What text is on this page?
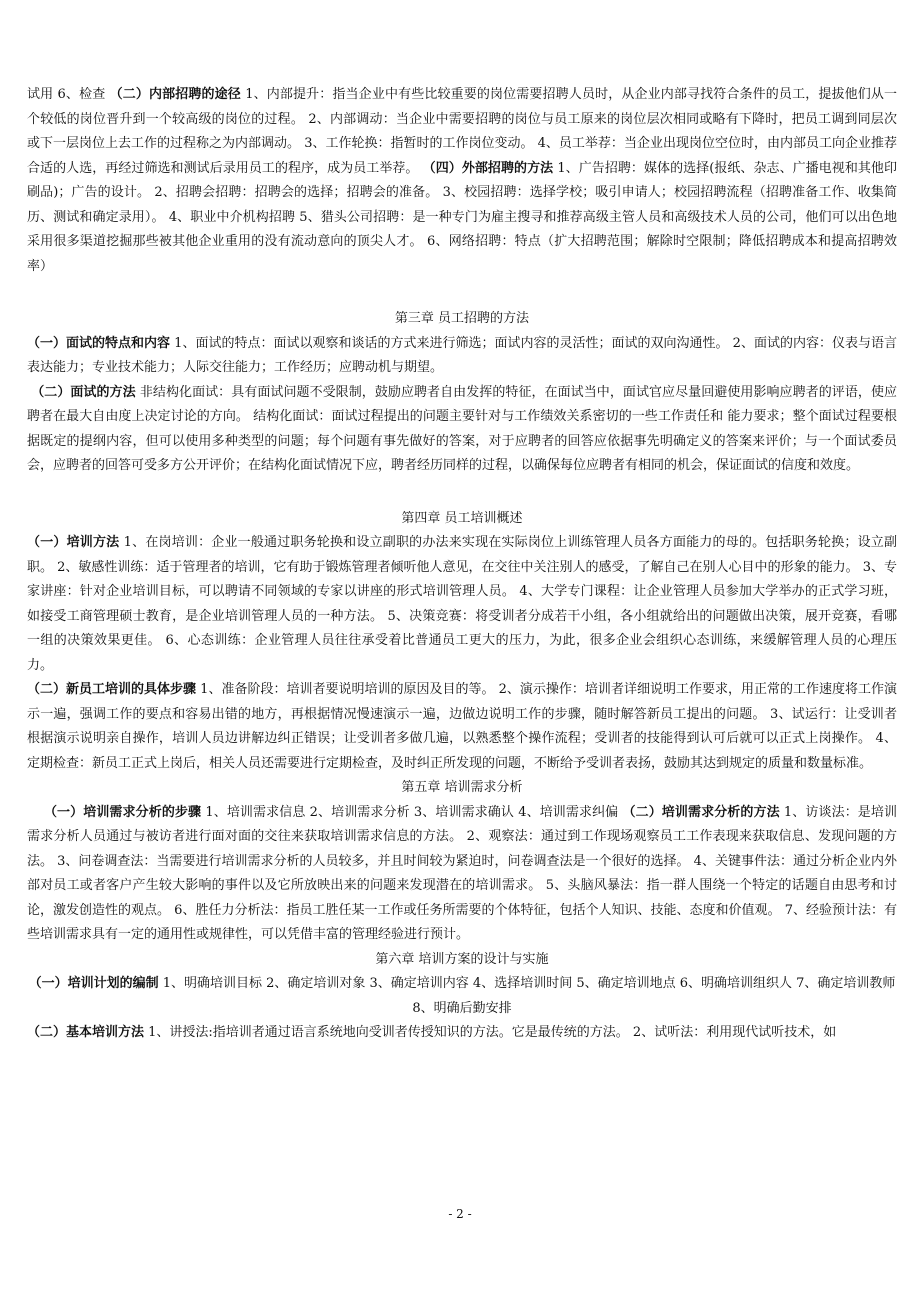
试用 6、检查 （二）内部招聘的途径 1、内部提升：指当企业中有些比较重要的岗位需要招聘人员时，从企业内部寻找符合条件的员工，提拔他们从一个较低的岗位晋升到一个较高级的岗位的过程。 2、内部调动：当企业中需要招聘的岗位与员工原来的岗位层次相同或略有下降时，把员工调到同层次或下一层岗位上去工作的过程称之为内部调动。 3、工作轮换：指暂时的工作岗位变动。 4、员工举荐：当企业出现岗位空位时，由内部员工向企业推荐合适的人选，再经过筛选和测试后录用员工的程序，成为员工举荐。 （四）外部招聘的方法 1、广告招聘：媒体的选择(报纸、杂志、广播电视和其他印刷品)；广告的设计。 2、招聘会招聘：招聘会的选择；招聘会的准备。 3、校园招聘：选择学校；吸引申请人；校园招聘流程（招聘准备工作、收集简历、测试和确定录用）。 4、职业中介机构招聘 5、猎头公司招聘：是一种专门为雇主搜寻和推荐高级主管人员和高级技术人员的公司，他们可以出色地采用很多渠道挖掘那些被其他企业重用的没有流动意向的顶尖人才。 6、网络招聘：特点（扩大招聘范围；解除时空限制；降低招聘成本和提高招聘效率）

第三章 员工招聘的方法

（一）面试的特点和内容 1、面试的特点：面试以观察和谈话的方式来进行筛选；面试内容的灵活性；面试的双向沟通性。 2、面试的内容：仪表与语言表达能力；专业技术能力；人际交往能力；工作经历；应聘动机与期望。

（二）面试的方法 非结构化面试：具有面试问题不受限制，鼓励应聘者自由发挥的特征，在面试当中，面试官应尽量回避使用影响应聘者的评语，使应聘者在最大自由度上决定讨论的方向。 结构化面试：面试过程提出的问题主要针对与工作绩效关系密切的一些工作责任和 能力要求；整个面试过程要根据既定的提纲内容，但可以使用多种类型的问题；每个问题有事先做好的答案，对于应聘者的回答应依据事先明确定义的答案来评价；与一个面试委员会，应聘者的回答可受多方公开评价；在结构化面试情况下应，聘者经历同样的过程，以确保每位应聘者有相同的机会，保证面试的信度和效度。

第四章 员工培训概述

（一）培训方法 1、在岗培训：企业一般通过职务轮换和设立副职的办法来实现在实际岗位上训练管理人员各方面能力的母的。包括职务轮换；设立副职。 2、敏感性训练：适于管理者的培训，它有助于锻炼管理者倾听他人意见，在交往中关注别人的感受，了解自己在别人心目中的形象的能力。 3、专家讲座：针对企业培训目标，可以聘请不同领域的专家以讲座的形式培训管理人员。 4、大学专门课程：让企业管理人员参加大学举办的正式学习班，如接受工商管理硕士教育，是企业培训管理人员的一种方法。 5、决策竞赛：将受训者分成若干小组，各小组就给出的问题做出决策，展开竞赛，看哪一组的决策效果更佳。 6、心态训练：企业管理人员往往承受着比普通员工更大的压力，为此，很多企业会组织心态训练，来缓解管理人员的心理压力。

（二）新员工培训的具体步骤 1、准备阶段：培训者要说明培训的原因及目的等。 2、演示操作：培训者详细说明工作要求，用正常的工作速度将工作演示一遍，强调工作的要点和容易出错的地方，再根据情况慢速演示一遍，边做边说明工作的步骤，随时解答新员工提出的问题。 3、试运行：让受训者根据演示说明亲自操作，培训人员边讲解边纠正错误；让受训者多做几遍，以熟悉整个操作流程；受训者的技能得到认可后就可以正式上岗操作。 4、定期检查：新员工正式上岗后，相关人员还需要进行定期检查，及时纠正所发现的问题，不断给予受训者表扬，鼓励其达到规定的质量和数量标准。

第五章 培训需求分析

（一）培训需求分析的步骤 1、培训需求信息 2、培训需求分析 3、培训需求确认 4、培训需求纠偏 （二）培训需求分析的方法 1、访谈法：是培训需求分析人员通过与被访者进行面对面的交往来获取培训需求信息的方法。 2、观察法：通过到工作现场观察员工工作表现来获取信息、发现问题的方法。 3、问卷调查法：当需要进行培训需求分析的人员较多，并且时间较为紧迫时，问卷调查法是一个很好的选择。 4、关键事件法：通过分析企业内外部对员工或者客户产生较大影响的事件以及它所放映出来的问题来发现潜在的培训需求。 5、头脑风暴法：指一群人围绕一个特定的话题自由思考和讨论，激发创造性的观点。 6、胜任力分析法：指员工胜任某一工作或任务所需要的个体特征，包括个人知识、技能、态度和价值观。 7、经验预计法：有些培训需求具有一定的通用性或规律性，可以凭借丰富的管理经验进行预计。

第六章 培训方案的设计与实施

（一）培训计划的编制 1、明确培训目标 2、确定培训对象 3、确定培训内容 4、选择培训时间 5、确定培训地点 6、明确培训组织人 7、确定培训教师 8、明确后勤安排

（二）基本培训方法 1、讲授法:指培训者通过语言系统地向受训者传授知识的方法。它是最传统的方法。 2、试听法：利用现代试听技术，如

- 2 -
